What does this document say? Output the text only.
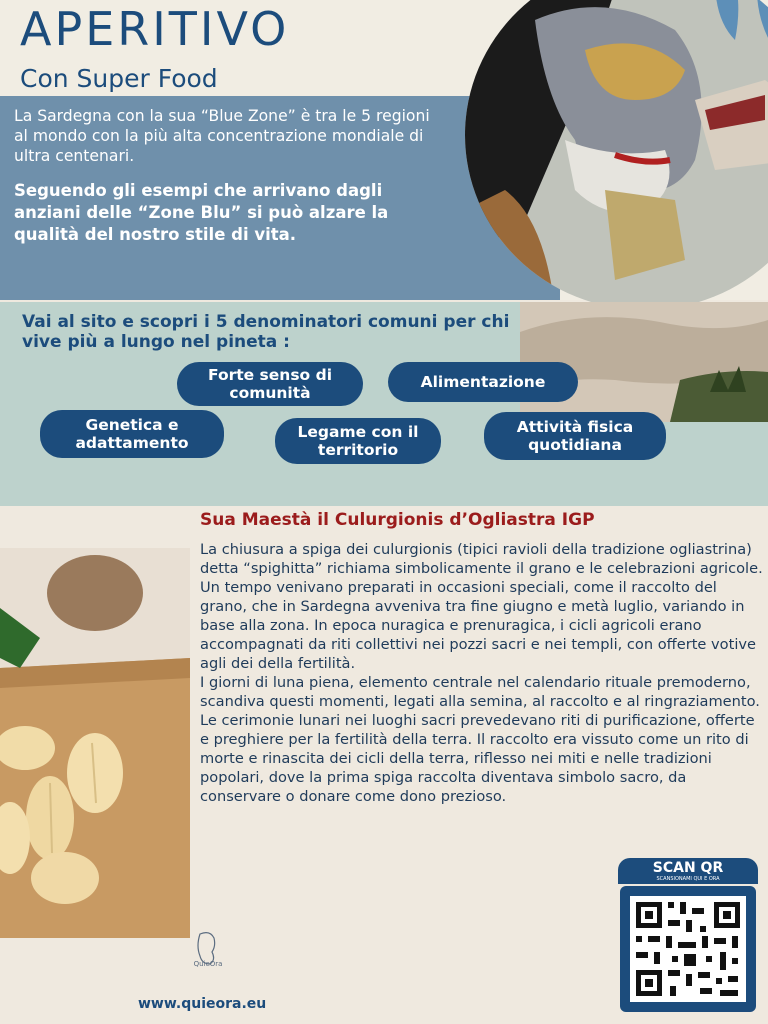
APERITIVO
Con Super Food
La Sardegna con la sua “Blue Zone” è tra le 5 regioni al mondo con la più alta concentrazione mondiale di ultra centenari.
Seguendo gli esempi che arrivano dagli anziani delle “Zone Blu” si può alzare la qualità del nostro stile di vita.
Vai al sito e scopri i 5 denominatori comuni per chi vive più a lungo nel pineta :
Forte senso di comunità
Alimentazione
Genetica e adattamento
Legame con il territorio
Attività fisica quotidiana
Sua Maestà il Culurgionis d’Ogliastra IGP
La chiusura a spiga dei culurgionis (tipici ravioli della tradizione ogliastrina) detta “spighitta” richiama simbolicamente il grano e le celebrazioni agricole. Un tempo venivano preparati in occasioni speciali, come il raccolto del grano, che in Sardegna avveniva tra fine giugno e metà luglio, variando in base alla zona. In epoca nuragica e prenuragica, i cicli agricoli erano accompagnati da riti collettivi nei pozzi sacri e nei templi, con offerte votive agli dei della fertilità.
I giorni di luna piena, elemento centrale nel calendario rituale premoderno, scandiva questi momenti, legati alla semina, al raccolto e al ringraziamento. Le cerimonie lunari nei luoghi sacri prevedevano riti di purificazione, offerte e preghiere per la fertilità della terra. Il raccolto era vissuto come un rito di morte e rinascita dei cicli della terra, riflesso nei miti e nelle tradizioni popolari, dove la prima spiga raccolta diventava simbolo sacro, da conservare o donare come dono prezioso.
SCAN QR
SCANSIONAMI QUI E ORA
QuieOra
www.quieora.eu
